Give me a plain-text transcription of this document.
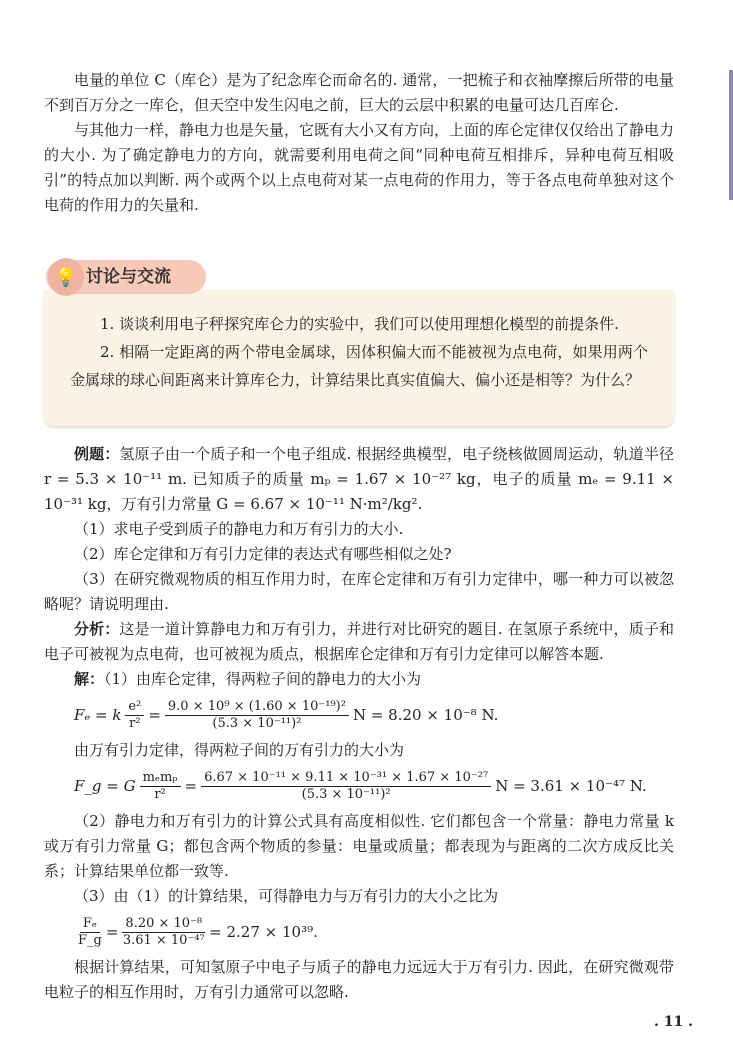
电量的单位 C（库仑）是为了纪念库仑而命名的. 通常，一把梳子和衣袖摩擦后所带的电量不到百万分之一库仑，但天空中发生闪电之前，巨大的云层中积累的电量可达几百库仑.

与其他力一样，静电力也是矢量，它既有大小又有方向，上面的库仑定律仅仅给出了静电力的大小. 为了确定静电力的方向，就需要利用电荷之间“同种电荷互相排斥，异种电荷互相吸引”的特点加以判断. 两个或两个以上点电荷对某一点电荷的作用力，等于各点电荷单独对这个电荷的作用力的矢量和.

1. 谈谈利用电子秤探究库仑力的实验中，我们可以使用理想化模型的前提条件.

2. 相隔一定距离的两个带电金属球，因体积偏大而不能被视为点电荷，如果用两个金属球的球心间距离来计算库仑力，计算结果比真实值偏大、偏小还是相等？为什么？

讨论与交流
💡

例题：氢原子由一个质子和一个电子组成. 根据经典模型，电子绕核做圆周运动，轨道半径 r = 5.3 × 10⁻¹¹ m. 已知质子的质量 mₚ = 1.67 × 10⁻²⁷ kg，电子的质量 mₑ = 9.11 × 10⁻³¹ kg，万有引力常量 G = 6.67 × 10⁻¹¹ N·m²/kg².

（1）求电子受到质子的静电力和万有引力的大小.

（2）库仑定律和万有引力定律的表达式有哪些相似之处?

（3）在研究微观物质的相互作用力时，在库仑定律和万有引力定律中，哪一种力可以被忽略呢？请说明理由.

分析：这是一道计算静电力和万有引力，并进行对比研究的题目. 在氢原子系统中，质子和电子可被视为点电荷，也可被视为质点，根据库仑定律和万有引力定律可以解答本题.

解：（1）由库仑定律，得两粒子间的静电力的大小为

Fₑ = k $\frac{\text{e²}}{\text{r²}} = \frac{\text{9.0 × 10⁹ × (1.60 × 10⁻¹⁹)²}}{\text{(5.3 × 10⁻¹¹)²}}$ N = 8.20 × 10⁻⁸ N.

由万有引力定律，得两粒子间的万有引力的大小为

F_g = G $\frac{\text{mₑmₚ}}{\text{r²}} = \frac{\text{6.67 × 10⁻¹¹ × 9.11 × 10⁻³¹ × 1.67 × 10⁻²⁷}}{\text{(5.3 × 10⁻¹¹)²}}$ N = 3.61 × 10⁻⁴⁷ N.

（2）静电力和万有引力的计算公式具有高度相似性. 它们都包含一个常量：静电力常量 k 或万有引力常量 G；都包含两个物质的参量：电量或质量；都表现为与距离的二次方成反比关系；计算结果单位都一致等.

（3）由（1）的计算结果，可得静电力与万有引力的大小之比为

$\frac{\text{Fₑ}}{F\_g} = \frac{\text{8.20 × 10⁻⁸}}{\text{3.61 × 10⁻⁴⁷}} = 2.27 \times 10^{39}$.

根据计算结果，可知氢原子中电子与质子的静电力远远大于万有引力. 因此，在研究微观带电粒子的相互作用时，万有引力通常可以忽略.

. 11 .
